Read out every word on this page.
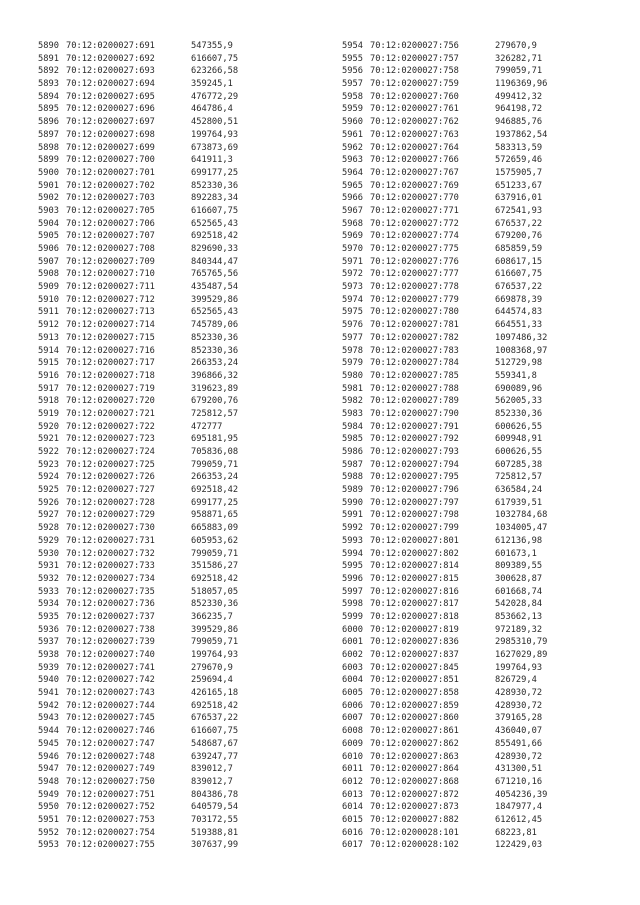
5890 70:12:0200027:691	547355,9
5891 70:12:0200027:692	616607,75
5892 70:12:0200027:693	623266,58
5893 70:12:0200027:694	359245,1
5894 70:12:0200027:695	476772,29
5895 70:12:0200027:696	464786,4
5896 70:12:0200027:697	452800,51
5897 70:12:0200027:698	199764,93
5898 70:12:0200027:699	673873,69
5899 70:12:0200027:700	641911,3
5900 70:12:0200027:701	699177,25
5901 70:12:0200027:702	852330,36
5902 70:12:0200027:703	892283,34
5903 70:12:0200027:705	616607,75
5904 70:12:0200027:706	652565,43
5905 70:12:0200027:707	692518,42
5906 70:12:0200027:708	829690,33
5907 70:12:0200027:709	840344,47
5908 70:12:0200027:710	765765,56
5909 70:12:0200027:711	435487,54
5910 70:12:0200027:712	399529,86
5911 70:12:0200027:713	652565,43
5912 70:12:0200027:714	745789,06
5913 70:12:0200027:715	852330,36
5914 70:12:0200027:716	852330,36
5915 70:12:0200027:717	266353,24
5916 70:12:0200027:718	396866,32
5917 70:12:0200027:719	319623,89
5918 70:12:0200027:720	679200,76
5919 70:12:0200027:721	725812,57
5920 70:12:0200027:722	472777
5921 70:12:0200027:723	695181,95
5922 70:12:0200027:724	705836,08
5923 70:12:0200027:725	799059,71
5924 70:12:0200027:726	266353,24
5925 70:12:0200027:727	692518,42
5926 70:12:0200027:728	699177,25
5927 70:12:0200027:729	958871,65
5928 70:12:0200027:730	665883,09
5929 70:12:0200027:731	605953,62
5930 70:12:0200027:732	799059,71
5931 70:12:0200027:733	351586,27
5932 70:12:0200027:734	692518,42
5933 70:12:0200027:735	518057,05
5934 70:12:0200027:736	852330,36
5935 70:12:0200027:737	366235,7
5936 70:12:0200027:738	399529,86
5937 70:12:0200027:739	799059,71
5938 70:12:0200027:740	199764,93
5939 70:12:0200027:741	279670,9
5940 70:12:0200027:742	259694,4
5941 70:12:0200027:743	426165,18
5942 70:12:0200027:744	692518,42
5943 70:12:0200027:745	676537,22
5944 70:12:0200027:746	616607,75
5945 70:12:0200027:747	548687,67
5946 70:12:0200027:748	639247,77
5947 70:12:0200027:749	839012,7
5948 70:12:0200027:750	839012,7
5949 70:12:0200027:751	804386,78
5950 70:12:0200027:752	640579,54
5951 70:12:0200027:753	703172,55
5952 70:12:0200027:754	519388,81
5953 70:12:0200027:755	307637,99
5954 70:12:0200027:756	279670,9
5955 70:12:0200027:757	326282,71
5956 70:12:0200027:758	799059,71
5957 70:12:0200027:759	1196369,96
5958 70:12:0200027:760	499412,32
5959 70:12:0200027:761	964198,72
5960 70:12:0200027:762	946885,76
5961 70:12:0200027:763	1937862,54
5962 70:12:0200027:764	583313,59
5963 70:12:0200027:766	572659,46
5964 70:12:0200027:767	1575905,7
5965 70:12:0200027:769	651233,67
5966 70:12:0200027:770	637916,01
5967 70:12:0200027:771	672541,93
5968 70:12:0200027:772	676537,22
5969 70:12:0200027:774	679200,76
5970 70:12:0200027:775	685859,59
5971 70:12:0200027:776	608617,15
5972 70:12:0200027:777	616607,75
5973 70:12:0200027:778	676537,22
5974 70:12:0200027:779	669878,39
5975 70:12:0200027:780	644574,83
5976 70:12:0200027:781	664551,33
5977 70:12:0200027:782	1097486,32
5978 70:12:0200027:783	1008368,97
5979 70:12:0200027:784	512729,98
5980 70:12:0200027:785	559341,8
5981 70:12:0200027:788	690089,96
5982 70:12:0200027:789	562005,33
5983 70:12:0200027:790	852330,36
5984 70:12:0200027:791	600626,55
5985 70:12:0200027:792	609948,91
5986 70:12:0200027:793	600626,55
5987 70:12:0200027:794	607285,38
5988 70:12:0200027:795	725812,57
5989 70:12:0200027:796	636584,24
5990 70:12:0200027:797	617939,51
5991 70:12:0200027:798	1032784,68
5992 70:12:0200027:799	1034005,47
5993 70:12:0200027:801	612136,98
5994 70:12:0200027:802	601673,1
5995 70:12:0200027:814	809389,55
5996 70:12:0200027:815	300628,87
5997 70:12:0200027:816	601668,74
5998 70:12:0200027:817	542028,84
5999 70:12:0200027:818	853662,13
6000 70:12:0200027:819	972189,32
6001 70:12:0200027:836	2985310,79
6002 70:12:0200027:837	1627029,89
6003 70:12:0200027:845	199764,93
6004 70:12:0200027:851	826729,4
6005 70:12:0200027:858	428930,72
6006 70:12:0200027:859	428930,72
6007 70:12:0200027:860	379165,28
6008 70:12:0200027:861	436040,07
6009 70:12:0200027:862	855491,66
6010 70:12:0200027:863	428930,72
6011 70:12:0200027:864	431300,51
6012 70:12:0200027:868	671210,16
6013 70:12:0200027:872	4054236,39
6014 70:12:0200027:873	1847977,4
6015 70:12:0200027:882	612612,45
6016 70:12:0200028:101	68223,81
6017 70:12:0200028:102	122429,03
